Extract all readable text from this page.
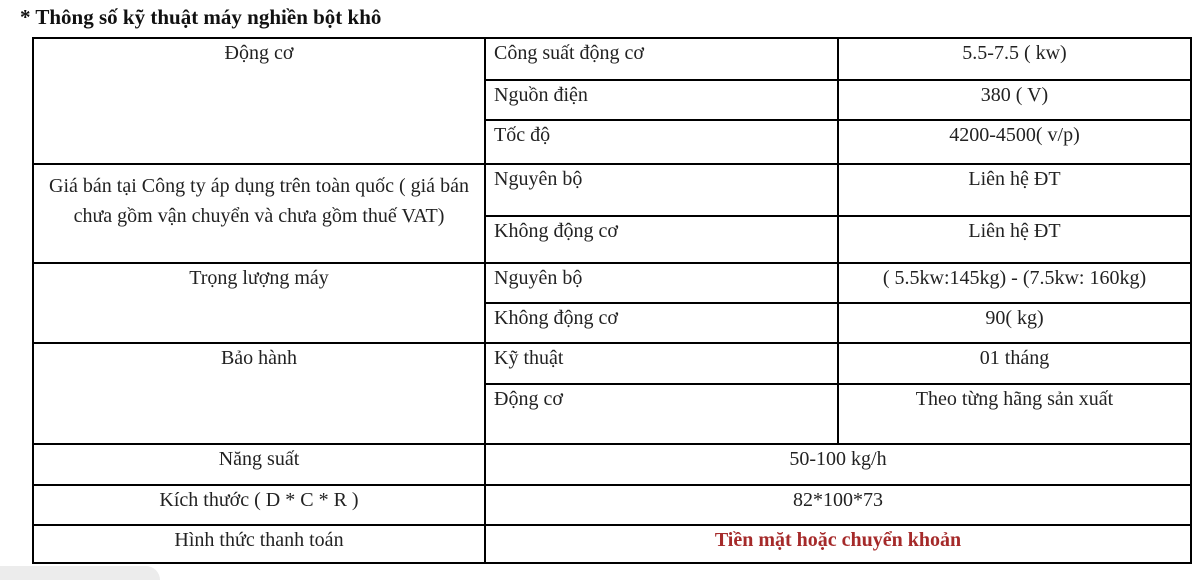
* Thông số kỹ thuật máy nghiền bột khô
Động cơ	Công suất động cơ	5.5-7.5 ( kw)
	Nguồn điện	380 ( V)
	Tốc độ	4200-4500( v/p)
Giá bán tại Công ty áp dụng trên toàn quốc ( giá bán chưa gồm vận chuyển và chưa gồm thuế VAT)	Nguyên bộ	Liên hệ ĐT
	Không động cơ	Liên hệ ĐT
Trọng lượng máy	Nguyên bộ	( 5.5kw:145kg) - (7.5kw: 160kg)
	Không động cơ	90( kg)
Bảo hành	Kỹ thuật	01 tháng
	Động cơ	Theo từng hãng sản xuất
Năng suất	50-100 kg/h	
Kích thước ( D * C * R )	82*100*73	
Hình thức thanh toán	Tiền mặt hoặc chuyển khoản	
